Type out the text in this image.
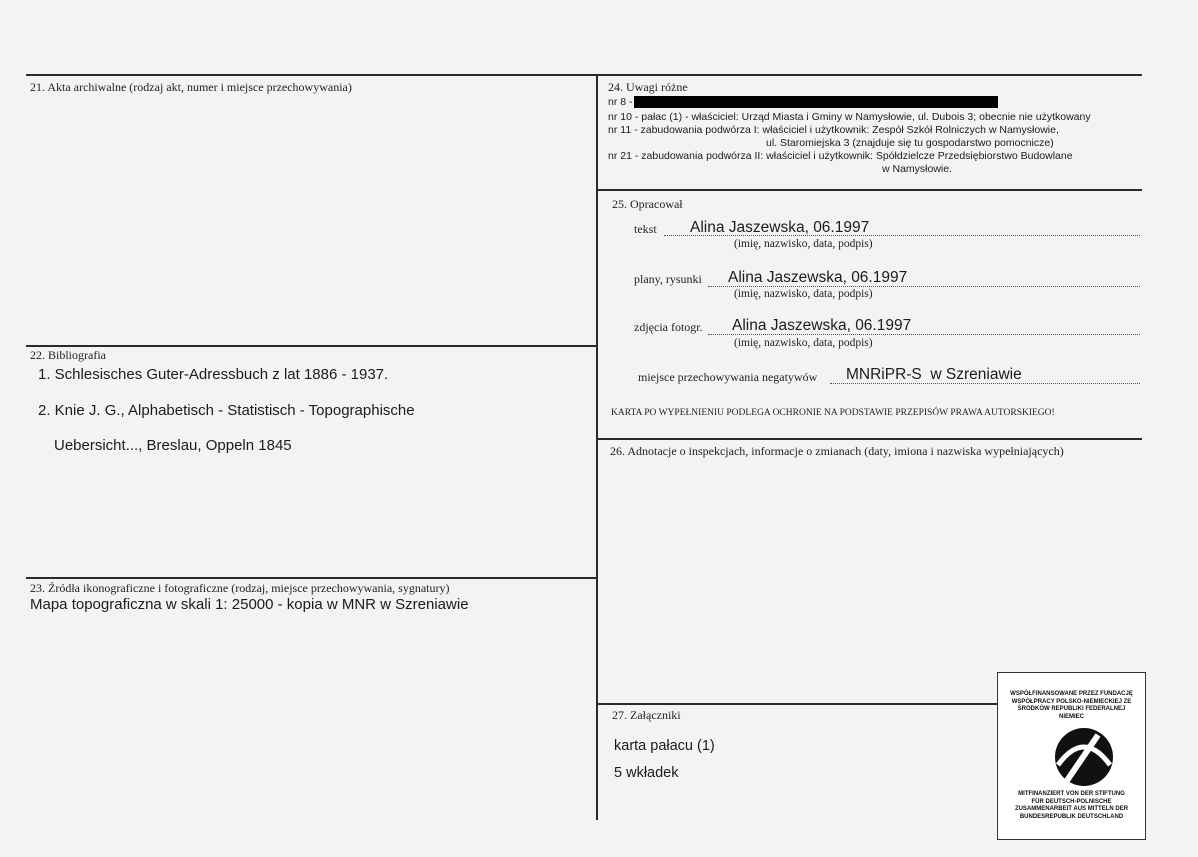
21. Akta archiwalne (rodzaj akt, numer i miejsce przechowywania)
22. Bibliografia
1. Schlesisches Guter-Adressbuch z lat 1886 - 1937.
2. Knie J. G., Alphabetisch - Statistisch - Topographische
Uebersicht..., Breslau, Oppeln 1845
23. Źródła ikonograficzne i fotograficzne (rodzaj, miejsce przechowywania, sygnatury)
Mapa topograficzna w skali 1: 25000 - kopia w MNR w Szreniawie
24. Uwagi różne
nr 8 -
nr 10 - pałac (1) - właściciel: Urząd Miasta i Gminy w Namysłowie, ul. Dubois 3; obecnie nie użytkowany
nr 11 - zabudowania podwórza I: właściciel i użytkownik: Zespół Szkół Rolniczych w Namysłowie,
ul. Staromiejska 3 (znajduje się tu gospodarstwo pomocnicze)
nr 21 - zabudowania podwórza II: właściciel i użytkownik: Spółdzielcze Przedsiębiorstwo Budowlane
w Namysłowie.
25. Opracował
tekst Alina Jaszewska, 06.1997
(imię, nazwisko, data, podpis)
plany, rysunki Alina Jaszewska, 06.1997
(imię, nazwisko, data, podpis)
zdjęcia fotogr. Alina Jaszewska, 06.1997
(imię, nazwisko, data, podpis)
miejsce przechowywania negatywów MNRiPR-S  w Szreniawie
KARTA PO WYPEŁNIENIU PODLEGA OCHRONIE NA PODSTAWIE PRZEPISÓW PRAWA AUTORSKIEGO!
26. Adnotacje o inspekcjach, informacje o zmianach (daty, imiona i nazwiska wypełniających)
27. Załączniki
karta pałacu (1)
5 wkładek
WSPÓŁFINANSOWANE PRZEZ FUNDACJĘ WSPÓŁPRACY POLSKO-NIEMIECKIEJ ZE ŚRODKÓW REPUBLIKI FEDERALNEJ NIEMIEC
MITFINANZIERT VON DER STIFTUNG FÜR DEUTSCH-POLNISCHE ZUSAMMENARBEIT AUS MITTELN DER BUNDESREPUBLIK DEUTSCHLAND
